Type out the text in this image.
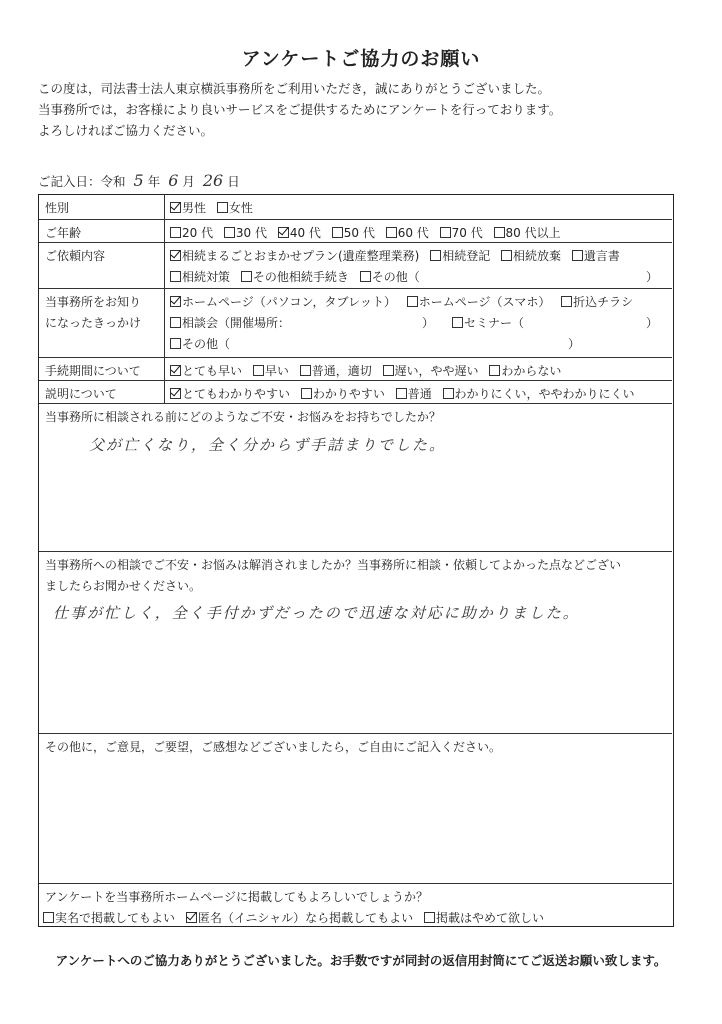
アンケートご協力のお願い
この度は，司法書士法人東京横浜事務所をご利用いただき，誠にありがとうございました。
当事務所では，お客様により良いサービスをご提供するためにアンケートを行っております。
よろしければご協力ください。
ご記入日：令和 5 年 6 月 26 日
性別	男性 女性
ご年齢	20 代 30 代 40 代 50 代 60 代 70 代 80 代以上
ご依頼内容	相続まるごとおまかせプラン(遺産整理業務) 相続登記 相続放棄 遺言書
相続対策 その他相続手続き その他（	）
当事務所をお知り
になったきっかけ
ホームページ（パソコン，タブレット） ホームページ（スマホ） 折込チラシ
相談会（開催場所：	）	セミナー（	）
その他（	）
手続期間について	とても早い 早い 普通，適切 遅い，やや遅い わからない
説明について	とてもわかりやすい わかりやすい 普通 わかりにくい，ややわかりにくい
当事務所に相談される前にどのようなご不安・お悩みをお持ちでしたか？
父が亡くなり，全く分からず手詰まりでした。
当事務所への相談でご不安・お悩みは解消されましたか？当事務所に相談・依頼してよかった点などござい
ましたらお聞かせください。
仕事が忙しく，全く手付かずだったので迅速な対応に助かりました。
その他に，ご意見，ご要望，ご感想などございましたら，ご自由にご記入ください。
アンケートを当事務所ホームページに掲載してもよろしいでしょうか？
実名で掲載してもよい 匿名（イニシャル）なら掲載してもよい 掲載はやめて欲しい
アンケートへのご協力ありがとうございました。お手数ですが同封の返信用封筒にてご返送お願い致します。
